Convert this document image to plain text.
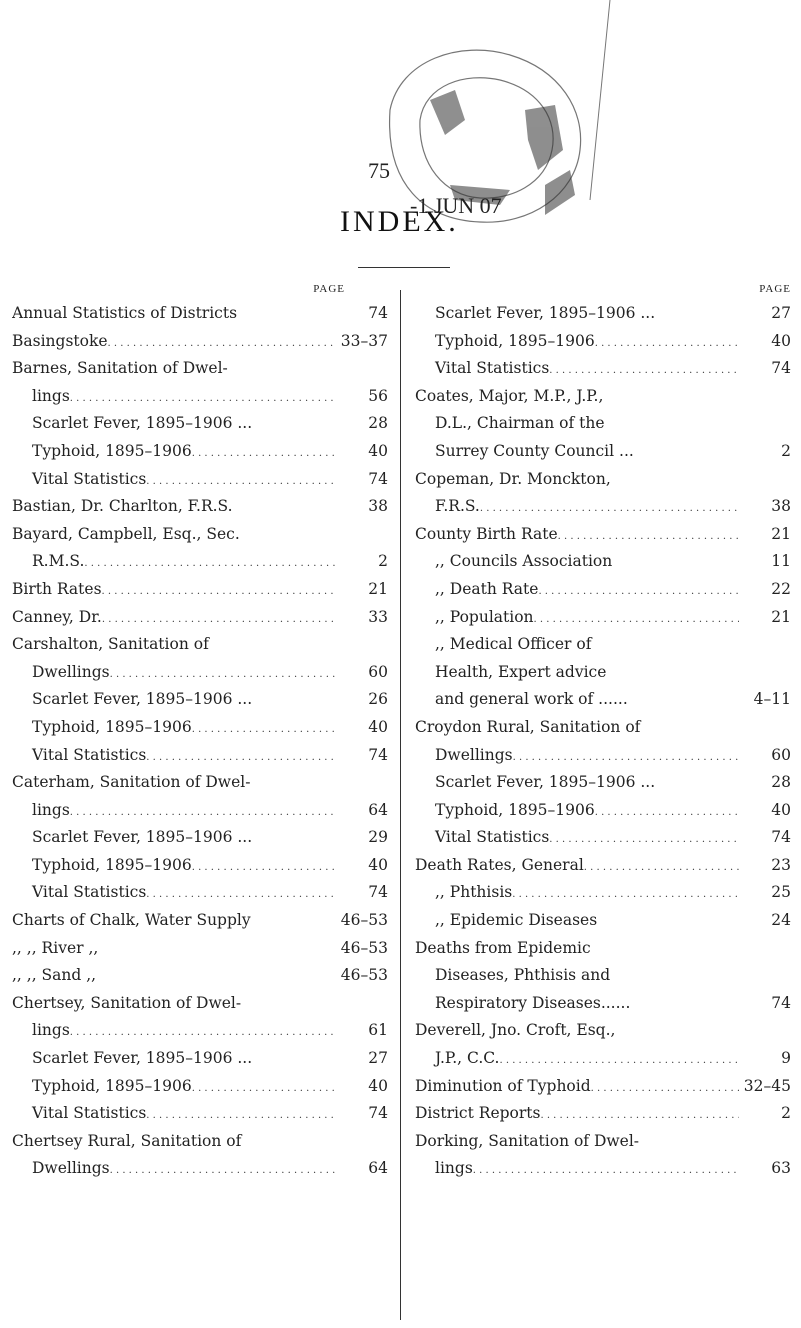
75
-1 JUN 07
INDEX.
PAGE
Annual Statistics of Districts	74
Basingstoke . . .	33–37
Barnes, Sanitation of Dwel-
lings . . .	56
Scarlet Fever, 1895–1906 ...	28
Typhoid, 1895–1906 . . .	40
Vital Statistics . . .	74
Bastian, Dr. Charlton, F.R.S.	38
Bayard, Campbell, Esq., Sec.
R.M.S. . . .	2
Birth Rates . . .	21
Canney, Dr. . . .	33
Carshalton, Sanitation of
Dwellings . . .	60
Scarlet Fever, 1895–1906 ...	26
Typhoid, 1895–1906 . . .	40
Vital Statistics . . .	74
Caterham, Sanitation of Dwel-
lings . . .	64
Scarlet Fever, 1895–1906 ...	29
Typhoid, 1895–1906 . . .	40
Vital Statistics . . .	74
Charts of Chalk, Water Supply	46–53
,, ,, River ,,	46–53
,, ,, Sand ,,	46–53
Chertsey, Sanitation of Dwel-
lings . . .	61
Scarlet Fever, 1895–1906 ...	27
Typhoid, 1895–1906 . . .	40
Vital Statistics . . .	74
Chertsey Rural, Sanitation of
Dwellings . . .	64
PAGE
Scarlet Fever, 1895–1906 ...	27
Typhoid, 1895–1906 . . .	40
Vital Statistics . . .	74
Coates, Major, M.P., J.P.,
D.L., Chairman of the
Surrey County Council ...	2
Copeman, Dr. Monckton,
F.R.S. . . .	38
County Birth Rate . . .	21
,, Councils Association	11
,, Death Rate . . .	22
,, Population . . .	21
,, Medical Officer of
Health, Expert advice
and general work of ......	4–11
Croydon Rural, Sanitation of
Dwellings . . .	60
Scarlet Fever, 1895–1906 ...	28
Typhoid, 1895–1906 . . .	40
Vital Statistics . . .	74
Death Rates, General . . .	23
,, Phthisis . . .	25
,, Epidemic Diseases	24
Deaths from Epidemic
Diseases, Phthisis and
Respiratory Diseases......	74
Deverell, Jno. Croft, Esq.,
J.P., C.C. . . .	9
Diminution of Typhoid . . .	32–45
District Reports . . .	2
Dorking, Sanitation of Dwel-
lings . . .	63
